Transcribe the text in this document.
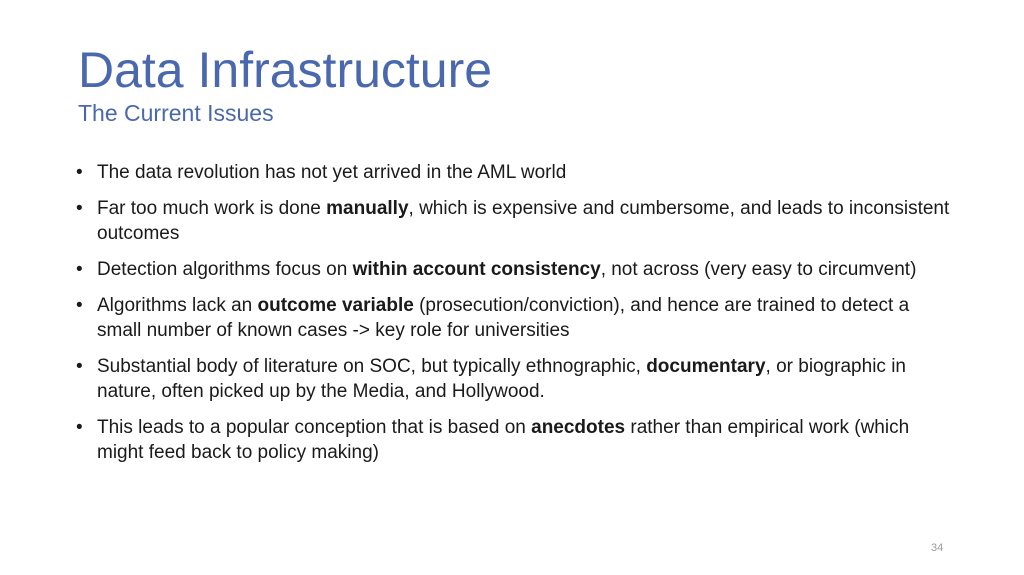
Data Infrastructure
The Current Issues
• The data revolution has not yet arrived in the AML world
• Far too much work is done manually, which is expensive and cumbersome, and leads to inconsistent outcomes
• Detection algorithms focus on within account consistency, not across (very easy to circumvent)
• Algorithms lack an outcome variable (prosecution/conviction), and hence are trained to detect a small number of known cases -> key role for universities
• Substantial body of literature on SOC, but typically ethnographic, documentary, or biographic in nature, often picked up by the Media, and Hollywood.
• This leads to a popular conception that is based on anecdotes rather than empirical work (which might feed back to policy making)
34
